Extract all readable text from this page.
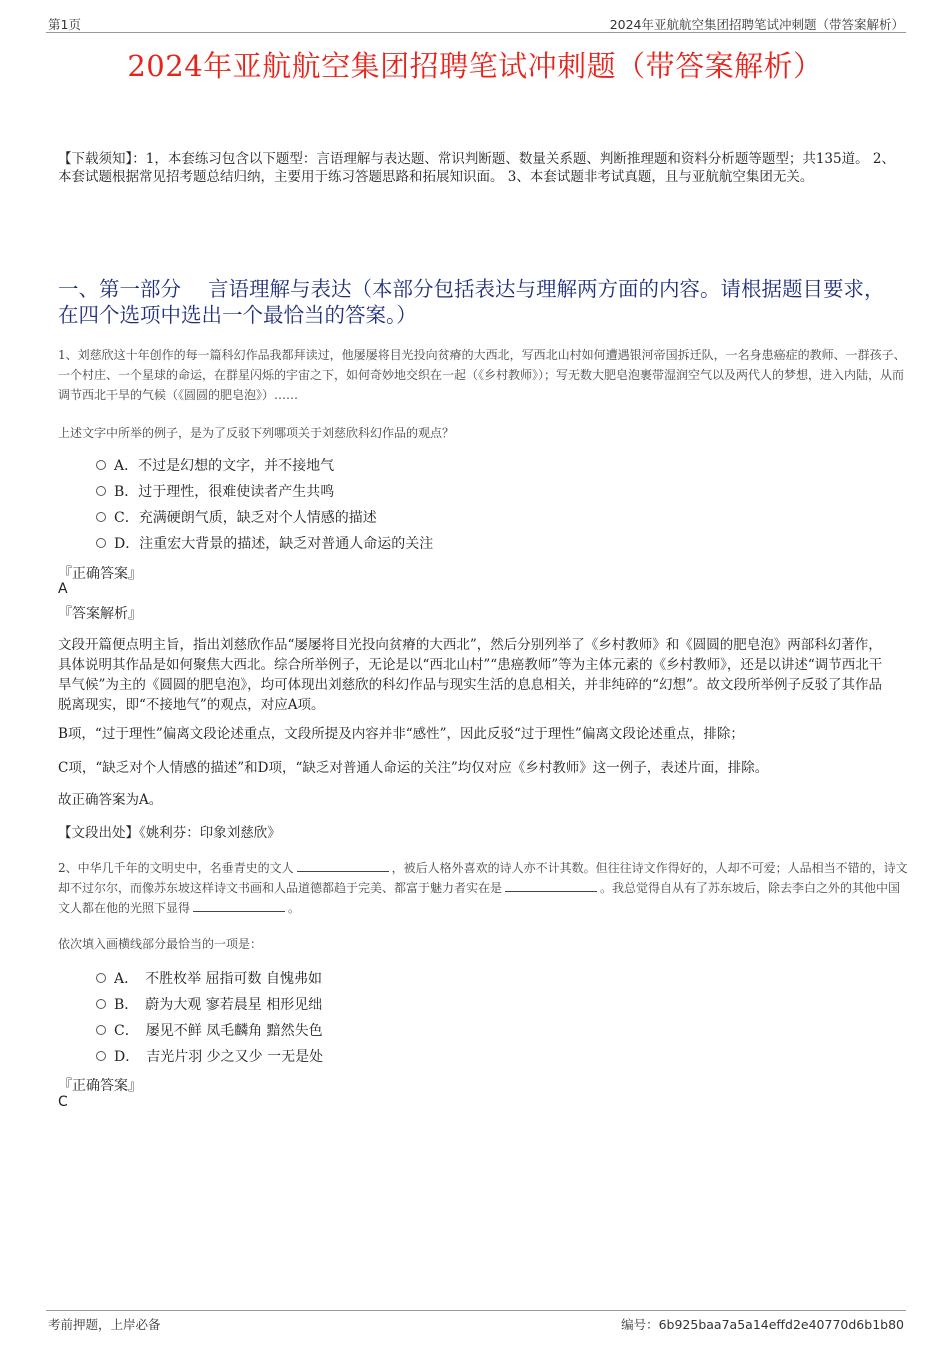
第1页	2024年亚航航空集团招聘笔试冲刺题（带答案解析）
2024年亚航航空集团招聘笔试冲刺题（带答案解析）
【下载须知】：1，本套练习包含以下题型：言语理解与表达题、常识判断题、数量关系题、判断推理题和资料分析题等题型；共135道。 2、本套试题根据常见招考题总结归纳，主要用于练习答题思路和拓展知识面。 3、本套试题非考试真题，且与亚航航空集团无关。
一、第一部分　 言语理解与表达（本部分包括表达与理解两方面的内容。请根据题目要求，在四个选项中选出一个最恰当的答案。）
1、刘慈欣这十年创作的每一篇科幻作品我都拜读过，他屡屡将目光投向贫瘠的大西北，写西北山村如何遭遇银河帝国拆迁队，一名身患癌症的教师、一群孩子、一个村庄、一个星球的命运，在群星闪烁的宇宙之下，如何奇妙地交织在一起（《乡村教师》）；写无数大肥皂泡裹带湿润空气以及两代人的梦想，进入内陆，从而调节西北干旱的气候（《圆圆的肥皂泡》）……
上述文字中所举的例子，是为了反驳下列哪项关于刘慈欣科幻作品的观点？
A．不过是幻想的文字，并不接地气
B．过于理性，很难使读者产生共鸣
C．充满硬朗气质，缺乏对个人情感的描述
D．注重宏大背景的描述，缺乏对普通人命运的关注
『正确答案』
A
『答案解析』
文段开篇便点明主旨，指出刘慈欣作品“屡屡将目光投向贫瘠的大西北”，然后分别列举了《乡村教师》和《圆圆的肥皂泡》两部科幻著作，具体说明其作品是如何聚焦大西北。综合所举例子，无论是以“西北山村”“患癌教师”等为主体元素的《乡村教师》，还是以讲述“调节西北干旱气候”为主的《圆圆的肥皂泡》，均可体现出刘慈欣的科幻作品与现实生活的息息相关，并非纯碎的“幻想”。故文段所举例子反驳了其作品脱离现实，即“不接地气”的观点，对应A项。
B项，“过于理性”偏离文段论述重点，文段所提及内容并非“感性”，因此反驳“过于理性”偏离文段论述重点，排除；
C项，“缺乏对个人情感的描述”和D项，“缺乏对普通人命运的关注”均仅对应《乡村教师》这一例子，表述片面，排除。
故正确答案为A。
【文段出处】《姚利芬：印象刘慈欣》
2、中华几千年的文明史中，名垂青史的文人	，被后人格外喜欢的诗人亦不计其数。但往往诗文作得好的，人却不可爱；人品相当不错的，诗文却不过尔尔，而像苏东坡这样诗文书画和人品道德都趋于完美、都富于魅力者实在是	。我总觉得自从有了苏东坡后，除去李白之外的其他中国文人都在他的光照下显得	。
依次填入画横线部分最恰当的一项是：
A．　不胜枚举 屈指可数 自愧弗如
B．　蔚为大观 寥若晨星 相形见绌
C．　屡见不鲜 凤毛麟角 黯然失色
D．　吉光片羽 少之又少 一无是处
『正确答案』
C
考前押题，上岸必备	编号：6b925baa7a5a14effd2e40770d6b1b80
